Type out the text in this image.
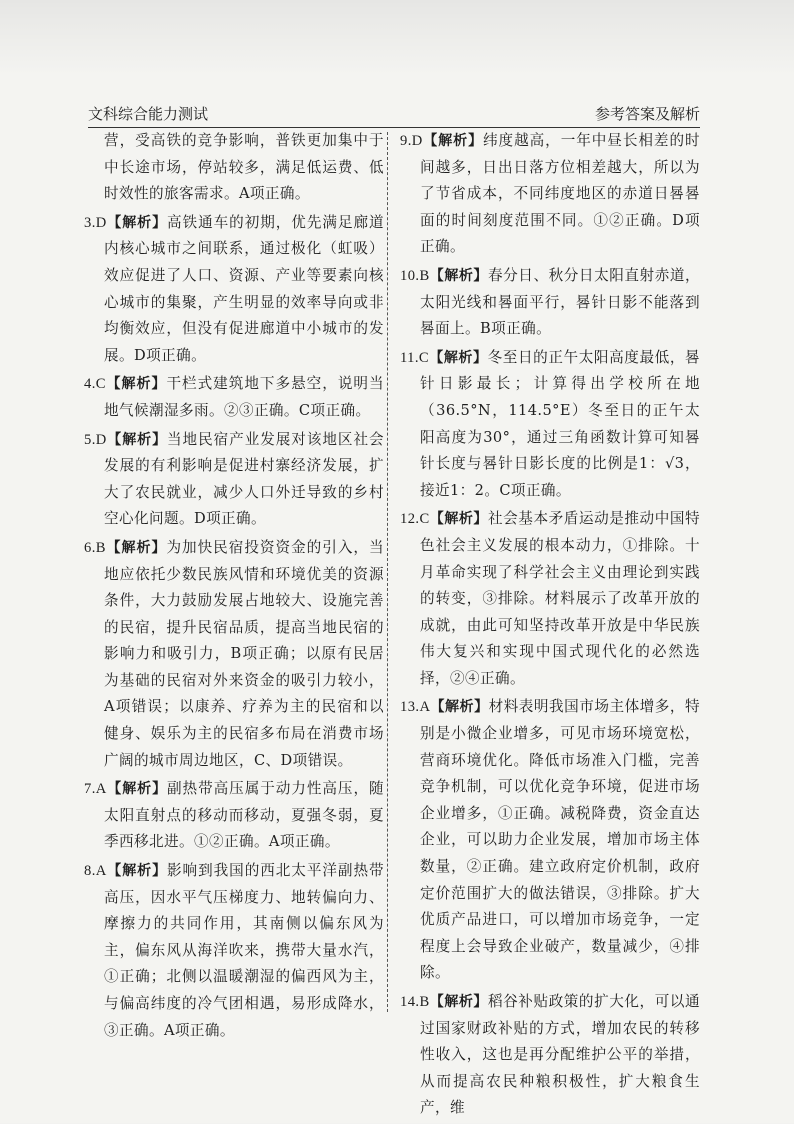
文科综合能力测试	参考答案及解析

营，受高铁的竞争影响，普铁更加集中于中长途市场，停站较多，满足低运费、低时效性的旅客需求。A项正确。

3.D【解析】高铁通车的初期，优先满足廊道内核心城市之间联系，通过极化（虹吸）效应促进了人口、资源、产业等要素向核心城市的集聚，产生明显的效率导向或非均衡效应，但没有促进廊道中小城市的发展。D项正确。

4.C【解析】干栏式建筑地下多悬空，说明当地气候潮湿多雨。②③正确。C项正确。

5.D【解析】当地民宿产业发展对该地区社会发展的有利影响是促进村寨经济发展，扩大了农民就业，减少人口外迁导致的乡村空心化问题。D项正确。

6.B【解析】为加快民宿投资资金的引入，当地应依托少数民族风情和环境优美的资源条件，大力鼓励发展占地较大、设施完善的民宿，提升民宿品质，提高当地民宿的影响力和吸引力，B项正确；以原有民居为基础的民宿对外来资金的吸引力较小，A项错误；以康养、疗养为主的民宿和以健身、娱乐为主的民宿多布局在消费市场广阔的城市周边地区，C、D项错误。

7.A【解析】副热带高压属于动力性高压，随太阳直射点的移动而移动，夏强冬弱，夏季西移北进。①②正确。A项正确。

8.A【解析】影响到我国的西北太平洋副热带高压，因水平气压梯度力、地转偏向力、摩擦力的共同作用，其南侧以偏东风为主，偏东风从海洋吹来，携带大量水汽，①正确；北侧以温暖潮湿的偏西风为主，与偏高纬度的冷气团相遇，易形成降水，③正确。A项正确。

9.D【解析】纬度越高，一年中昼长相差的时间越多，日出日落方位相差越大，所以为了节省成本，不同纬度地区的赤道日晷晷面的时间刻度范围不同。①②正确。D项正确。

10.B【解析】春分日、秋分日太阳直射赤道，太阳光线和晷面平行，晷针日影不能落到晷面上。B项正确。

11.C【解析】冬至日的正午太阳高度最低，晷针日影最长；计算得出学校所在地（36.5°N，114.5°E）冬至日的正午太阳高度为30°，通过三角函数计算可知晷针长度与晷针日影长度的比例是1：√3，接近1：2。C项正确。

12.C【解析】社会基本矛盾运动是推动中国特色社会主义发展的根本动力，①排除。十月革命实现了科学社会主义由理论到实践的转变，③排除。材料展示了改革开放的成就，由此可知坚持改革开放是中华民族伟大复兴和实现中国式现代化的必然选择，②④正确。

13.A【解析】材料表明我国市场主体增多，特别是小微企业增多，可见市场环境宽松，营商环境优化。降低市场准入门槛，完善竞争机制，可以优化竞争环境，促进市场企业增多，①正确。减税降费，资金直达企业，可以助力企业发展，增加市场主体数量，②正确。建立政府定价机制，政府定价范围扩大的做法错误，③排除。扩大优质产品进口，可以增加市场竞争，一定程度上会导致企业破产，数量减少，④排除。

14.B【解析】稻谷补贴政策的扩大化，可以通过国家财政补贴的方式，增加农民的转移性收入，这也是再分配维护公平的举措，从而提高农民种粮积极性，扩大粮食生产，维
